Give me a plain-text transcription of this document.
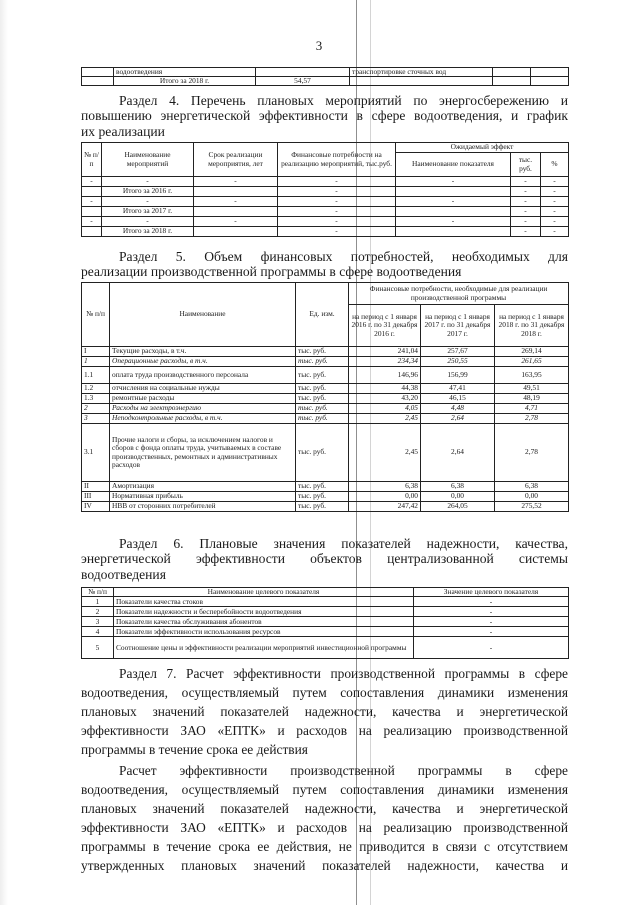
3
	водоотведения		транспортировке сточных вод		
	Итого за 2018 г.	54,57			
Раздел 4. Перечень плановых мероприятий по энергосбережению и
повышению энергетической эффективности в сфере водоотведения, и график
их реализации
№ п/ п	Наименование мероприятий	Срок реализации мероприятия, лет	Финансовые потребности на реализацию мероприятий, тыс.руб.	Ожидаемый эффект		
				Наименование показателя	тыс. руб.	%
-	-	-	-	-	-	-
	Итого за 2016 г.		-		-	-
-	-	-	-	-	-	-
	Итого за 2017 г.		-		-	-
-	-	-	-	-	-	-
	Итого за 2018 г.		-		-	-
Раздел 5. Объем финансовых потребностей, необходимых для
реализации производственной программы в сфере водоотведения
№ п/п	Наименование	Ед. изм.	Финансовые потребности, необходимые для реализации производственной программы		
			на период с 1 января 2016 г. по 31 декабря 2016 г.	на период с 1 января 2017 г. по 31 декабря 2017 г.	на период с 1 января 2018 г. по 31 декабря 2018 г.
I	Текущие расходы, в т.ч.	тыс. руб.	241,04	257,67	269,14
1	Операционные расходы, в т.ч.	тыс. руб.	234,34	250,55	261,65
1.1	оплата труда производственного персонала	тыс. руб.	146,96	156,99	163,95
1.2	отчисления на социальные нужды	тыс. руб.	44,38	47,41	49,51
1.3	ремонтные расходы	тыс. руб.	43,20	46,15	48,19
2	Расходы на электроэнергию	тыс. руб.	4,05	4,48	4,71
3	Неподконтрольные расходы, в т.ч.	тыс. руб.	2,45	2,64	2,78
3.1	Прочие налоги и сборы, за исключением налогов и сборов с фонда оплаты труда, учитываемых в составе производственных, ремонтных и административных расходов	тыс. руб.	2,45	2,64	2,78
II	Амортизация	тыс. руб.	6,38	6,38	6,38
III	Нормативная прибыль	тыс. руб.	0,00	0,00	0,00
IV	НВВ от сторонних потребителей	тыс. руб.	247,42	264,05	275,52
Раздел 6. Плановые значения показателей надежности, качества,
энергетической эффективности объектов централизованной системы
водоотведения
№ п/п	Наименование целевого показателя	Значение целевого показателя
1	Показатели качества стоков	-
2	Показатели надежности и бесперебойности водоотведения	-
3	Показатели качества обслуживания абонентов	-
4	Показатели эффективности использования ресурсов	-
5	Соотношение цены и эффективности реализации мероприятий инвестиционной программы	-
Раздел 7. Расчет эффективности производственной программы в сфере
водоотведения, осуществляемый путем сопоставления динамики изменения
плановых значений показателей надежности, качества и энергетической
эффективности ЗАО «ЕПТК» и расходов на реализацию производственной
программы в течение срока ее действия
Расчет эффективности производственной программы в сфере
водоотведения, осуществляемый путем сопоставления динамики изменения
плановых значений показателей надежности, качества и энергетической
эффективности ЗАО «ЕПТК» и расходов на реализацию производственной
программы в течение срока ее действия, не приводится в связи с отсутствием
утвержденных плановых значений показателей надежности, качества и
